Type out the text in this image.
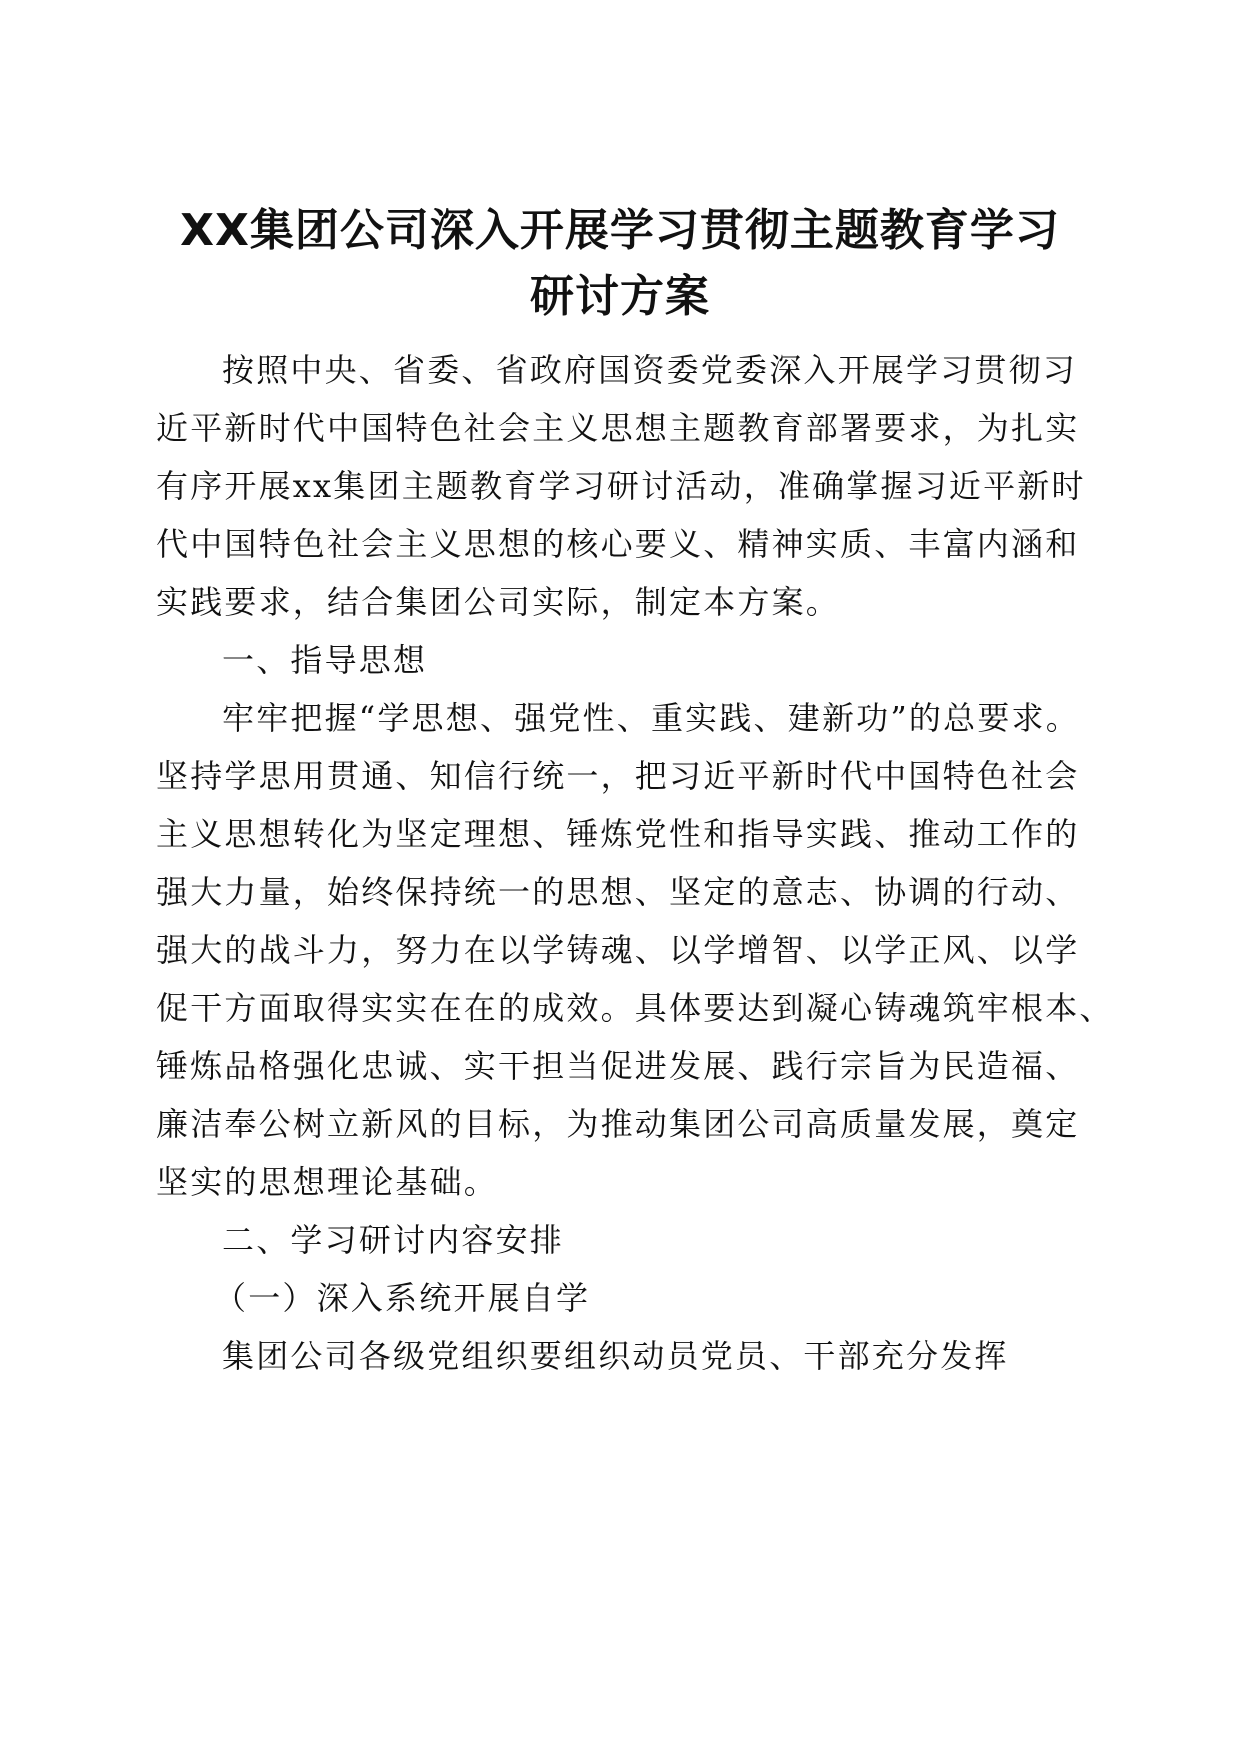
XX集团公司深入开展学习贯彻主题教育学习
研讨方案

按照中央、省委、省政府国资委党委深入开展学习贯彻习

近平新时代中国特色社会主义思想主题教育部署要求，为扎实

有序开展xx集团主题教育学习研讨活动，准确掌握习近平新时

代中国特色社会主义思想的核心要义、精神实质、丰富内涵和

实践要求，结合集团公司实际，制定本方案。

一、指导思想

牢牢把握“学思想、强党性、重实践、建新功”的总要求。

坚持学思用贯通、知信行统一，把习近平新时代中国特色社会

主义思想转化为坚定理想、锤炼党性和指导实践、推动工作的

强大力量，始终保持统一的思想、坚定的意志、协调的行动、

强大的战斗力，努力在以学铸魂、以学增智、以学正风、以学

促干方面取得实实在在的成效。具体要达到凝心铸魂筑牢根本、

锤炼品格强化忠诚、实干担当促进发展、践行宗旨为民造福、

廉洁奉公树立新风的目标，为推动集团公司高质量发展，奠定

坚实的思想理论基础。

二、学习研讨内容安排

（一）深入系统开展自学

集团公司各级党组织要组织动员党员、干部充分发挥
